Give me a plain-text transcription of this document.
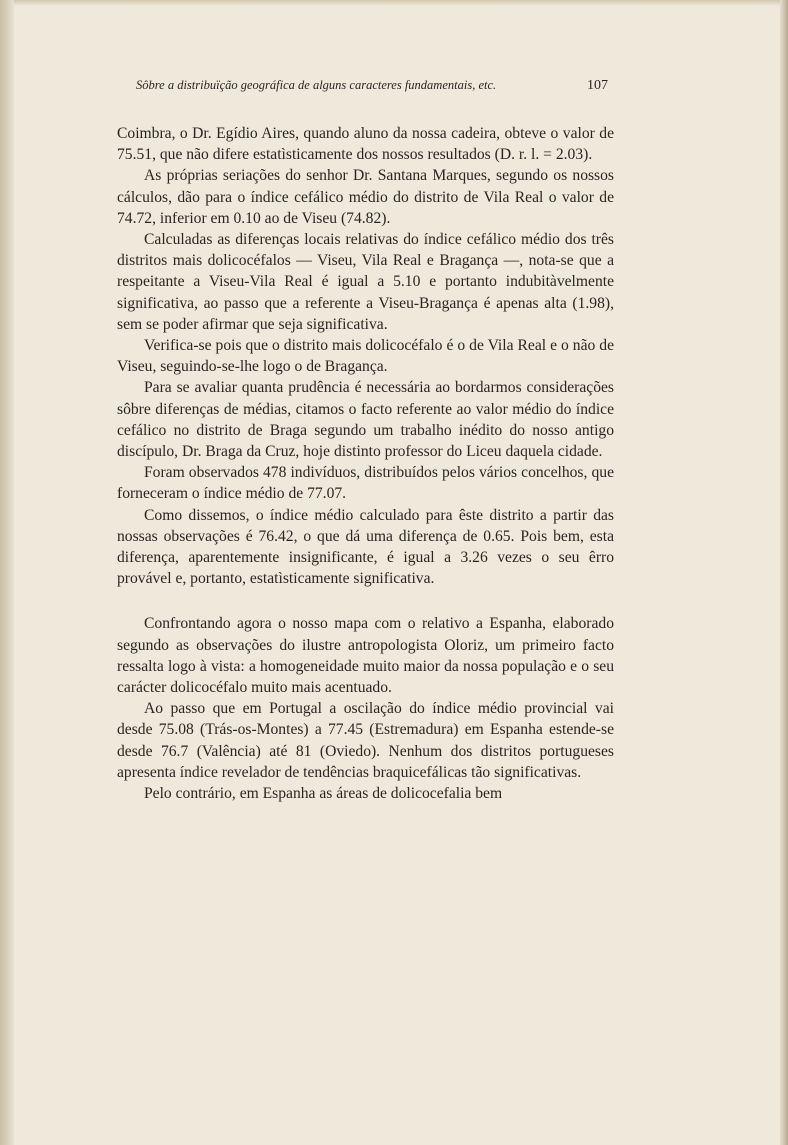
Sôbre a distribuïção geográfica de alguns caracteres fundamentais, etc.	107

Coimbra, o Dr. Egídio Aires, quando aluno da nossa cadeira, obteve o valor de 75.51, que não difere estatìsticamente dos nossos resultados (D. r. l. = 2.03).

As próprias seriações do senhor Dr. Santana Marques, segundo os nossos cálculos, dão para o índice cefálico médio do distrito de Vila Real o valor de 74.72, inferior em 0.10 ao de Viseu (74.82).

Calculadas as diferenças locais relativas do índice cefálico médio dos três distritos mais dolicocéfalos — Viseu, Vila Real e Bragança —, nota-se que a respeitante a Viseu-Vila Real é igual a 5.10 e portanto indubitàvelmente significativa, ao passo que a referente a Viseu-Bragança é apenas alta (1.98), sem se poder afirmar que seja significativa.

Verifica-se pois que o distrito mais dolicocéfalo é o de Vila Real e o não de Viseu, seguindo-se-lhe logo o de Bragança.

Para se avaliar quanta prudência é necessária ao bordarmos considerações sôbre diferenças de médias, citamos o facto referente ao valor médio do índice cefálico no distrito de Braga segundo um trabalho inédito do nosso antigo discípulo, Dr. Braga da Cruz, hoje distinto professor do Liceu daquela cidade.

Foram observados 478 indivíduos, distribuídos pelos vários concelhos, que forneceram o índice médio de 77.07.

Como dissemos, o índice médio calculado para êste distrito a partir das nossas observações é 76.42, o que dá uma diferença de 0.65. Pois bem, esta diferença, aparentemente insignificante, é igual a 3.26 vezes o seu êrro provável e, portanto, estatìsticamente significativa.

Confrontando agora o nosso mapa com o relativo a Espanha, elaborado segundo as observações do ilustre antropologista Oloriz, um primeiro facto ressalta logo à vista: a homogeneidade muito maior da nossa população e o seu carácter dolicocéfalo muito mais acentuado.

Ao passo que em Portugal a oscilação do índice médio provincial vai desde 75.08 (Trás-os-Montes) a 77.45 (Estremadura) em Espanha estende-se desde 76.7 (Valência) até 81 (Oviedo). Nenhum dos distritos portugueses apresenta índice revelador de tendências braquicefálicas tão significativas.

Pelo contrário, em Espanha as áreas de dolicocefalia bem
